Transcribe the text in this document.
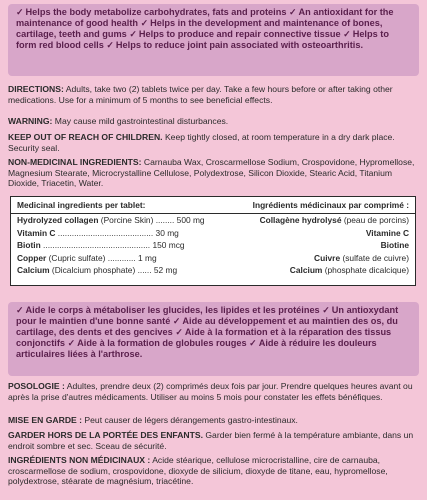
✓ Helps the body metabolize carbohydrates, fats and proteins ✓ An antioxidant for the maintenance of good health ✓ Helps in the development and maintenance of bones, cartilage, teeth and gums ✓ Helps to produce and repair connective tissue ✓ Helps to form red blood cells ✓ Helps to reduce joint pain associated with osteoarthritis.
DIRECTIONS: Adults, take two (2) tablets twice per day. Take a few hours before or after taking other medications. Use for a minimum of 5 months to see beneficial effects.
WARNING: May cause mild gastrointestinal disturbances.
KEEP OUT OF REACH OF CHILDREN. Keep tightly closed, at room temperature in a dry dark place. Security seal.
NON-MEDICINAL INGREDIENTS: Carnauba Wax, Croscarmellose Sodium, Crospovidone, Hypromellose, Magnesium Stearate, Microcrystalline Cellulose, Polydextrose, Silicon Dioxide, Stearic Acid, Titanium Dioxide, Triacetin, Water.
Medicinal ingredients per tablet:	Ingrédients médicinaux par comprimé :
Hydrolyzed collagen (Porcine Skin) ........ 500 mg	Collagène hydrolysé (peau de porcins)
Vitamin C ......................................... 30 mg	Vitamine C
Biotin .............................................. 150 mcg	Biotine
Copper (Cupric sulfate) ............ 1 mg	Cuivre (sulfate de cuivre)
Calcium (Dicalcium phosphate) ...... 52 mg	Calcium (phosphate dicalcique)
✓ Aide le corps à métaboliser les glucides, les lipides et les protéines ✓ Un antioxydant pour le maintien d'une bonne santé ✓ Aide au développement et au maintien des os, du cartilage, des dents et des gencives ✓ Aide à la formation et à la réparation des tissus conjonctifs ✓ Aide à la formation de globules rouges ✓ Aide à réduire les douleurs articulaires liées à l'arthrose.
POSOLOGIE : Adultes, prendre deux (2) comprimés deux fois par jour. Prendre quelques heures avant ou après la prise d'autres médicaments. Utiliser au moins 5 mois pour constater les effets bénéfiques.
MISE EN GARDE : Peut causer de légers dérangements gastro-intestinaux.
GARDER HORS DE LA PORTÉE DES ENFANTS. Garder bien fermé à la température ambiante, dans un endroit sombre et sec. Sceau de sécurité.
INGRÉDIENTS NON MÉDICINAUX : Acide stéarique, cellulose microcristalline, cire de carnauba, croscarmellose de sodium, crospovidone, dioxyde de silicium, dioxyde de titane, eau, hypromellose, polydextrose, stéarate de magnésium, triacétine.
